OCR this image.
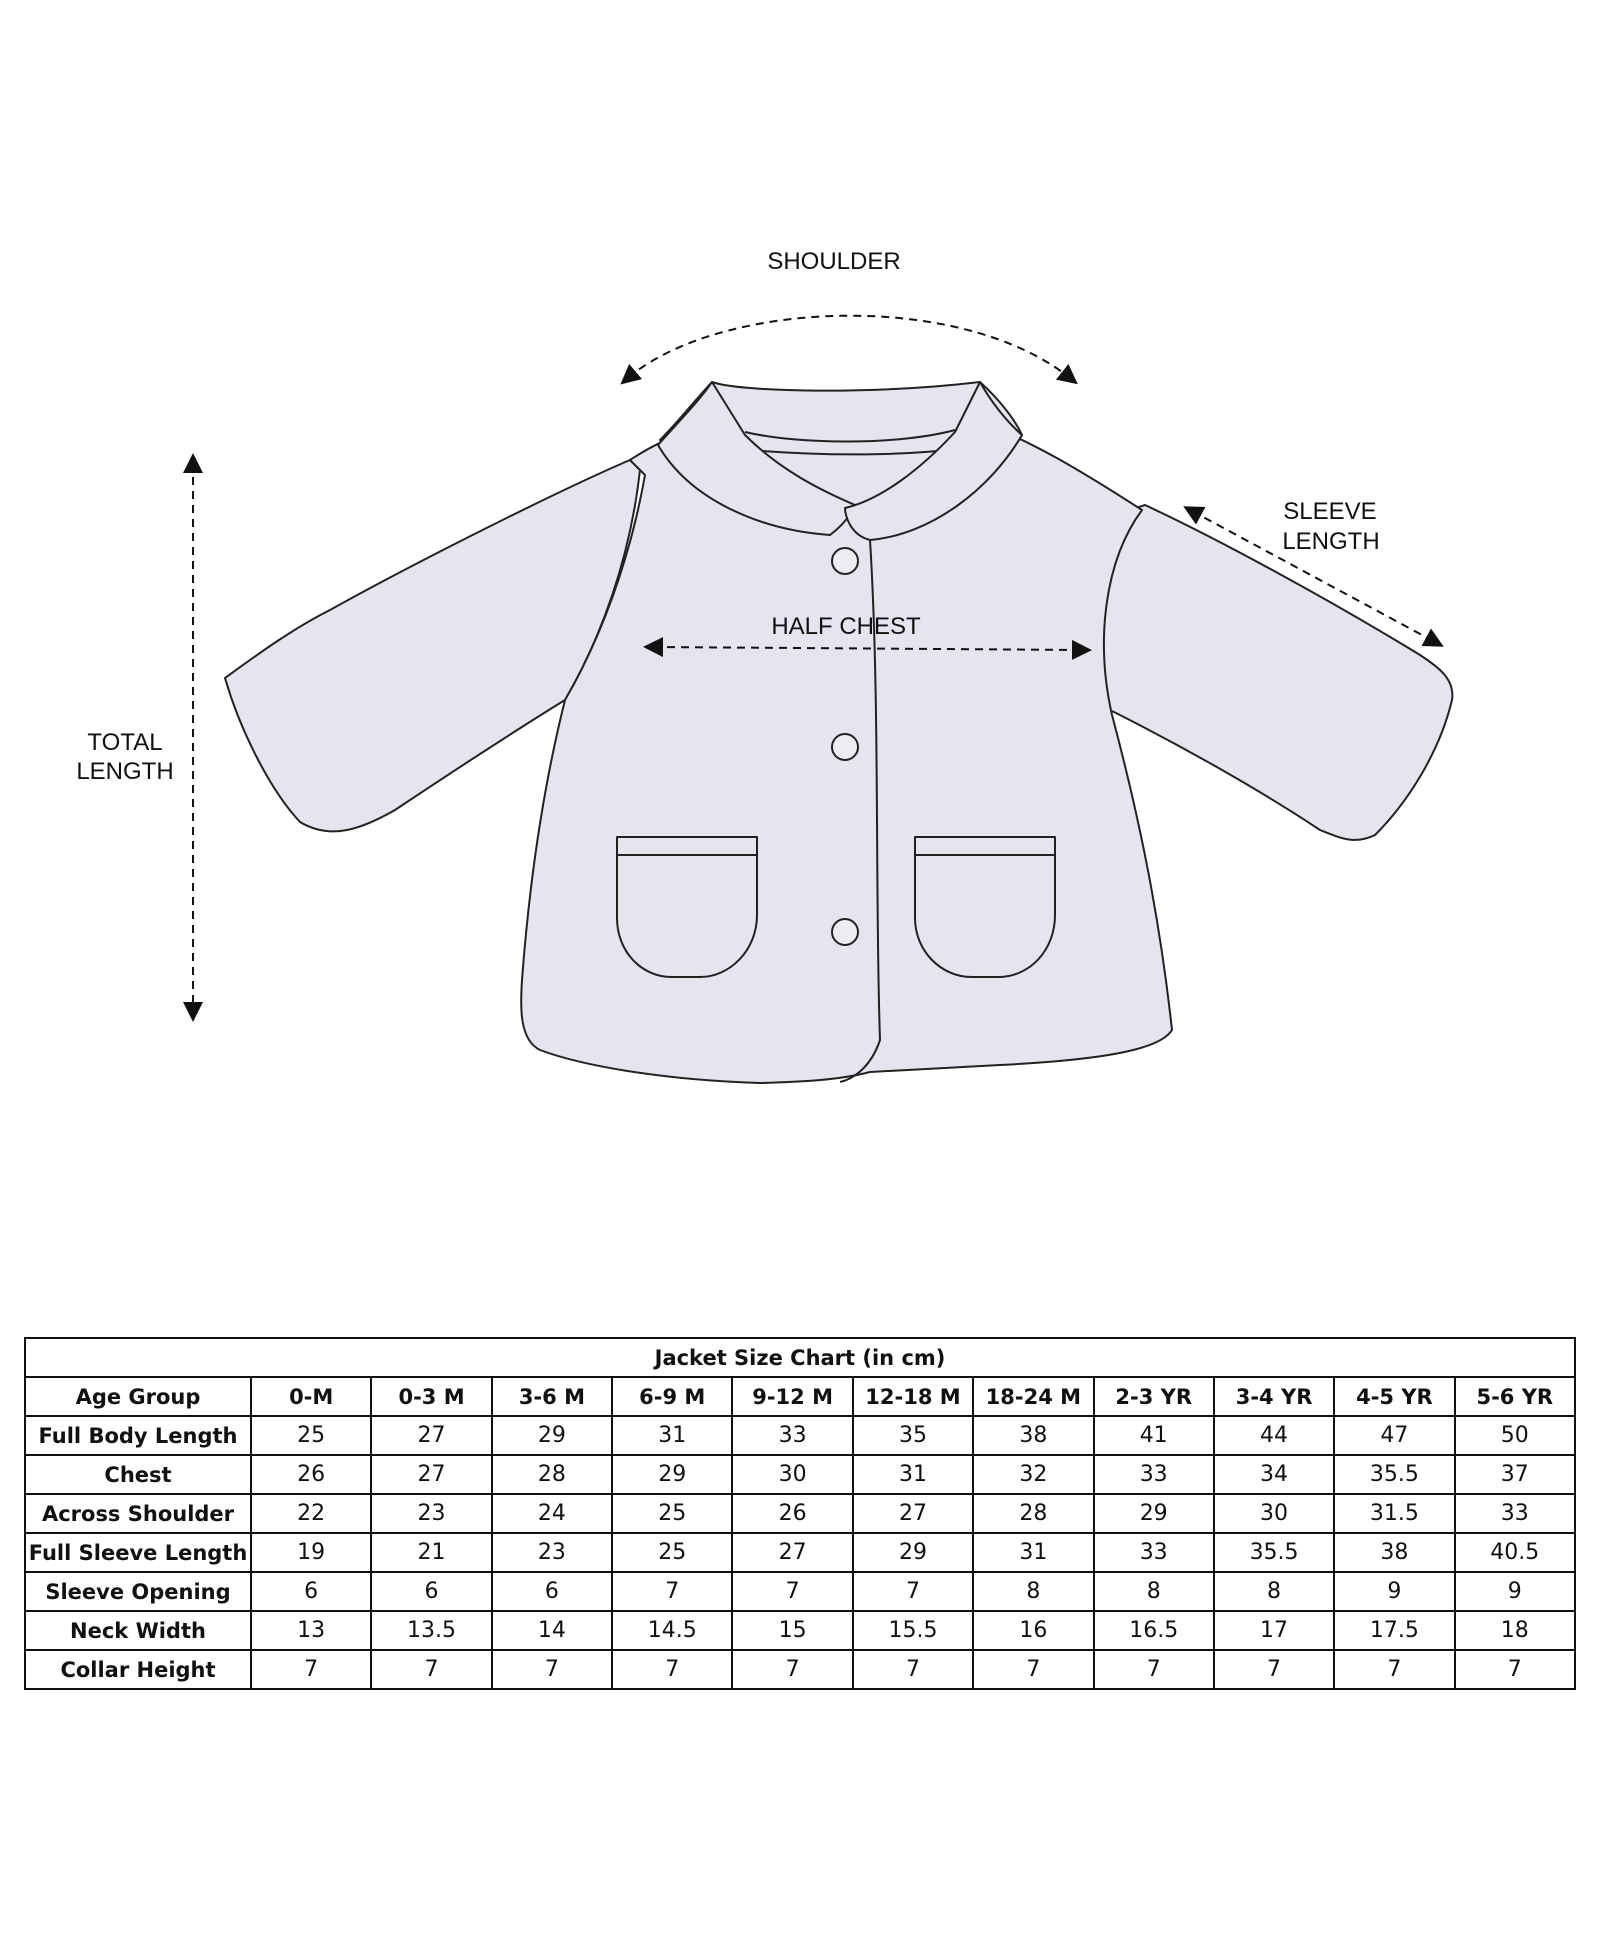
SHOULDER
SLEEVE
LENGTH
HALF CHEST
TOTAL
LENGTH
Jacket Size Chart (in cm)											
Age Group	0-M	0-3 M	3-6 M	6-9 M	9-12 M	12-18 M	18-24 M	2-3 YR	3-4 YR	4-5 YR	5-6 YR
Full Body Length	25	27	29	31	33	35	38	41	44	47	50
Chest	26	27	28	29	30	31	32	33	34	35.5	37
Across Shoulder	22	23	24	25	26	27	28	29	30	31.5	33
Full Sleeve Length	19	21	23	25	27	29	31	33	35.5	38	40.5
Sleeve Opening	6	6	6	7	7	7	8	8	8	9	9
Neck Width	13	13.5	14	14.5	15	15.5	16	16.5	17	17.5	18
Collar Height	7	7	7	7	7	7	7	7	7	7	7
